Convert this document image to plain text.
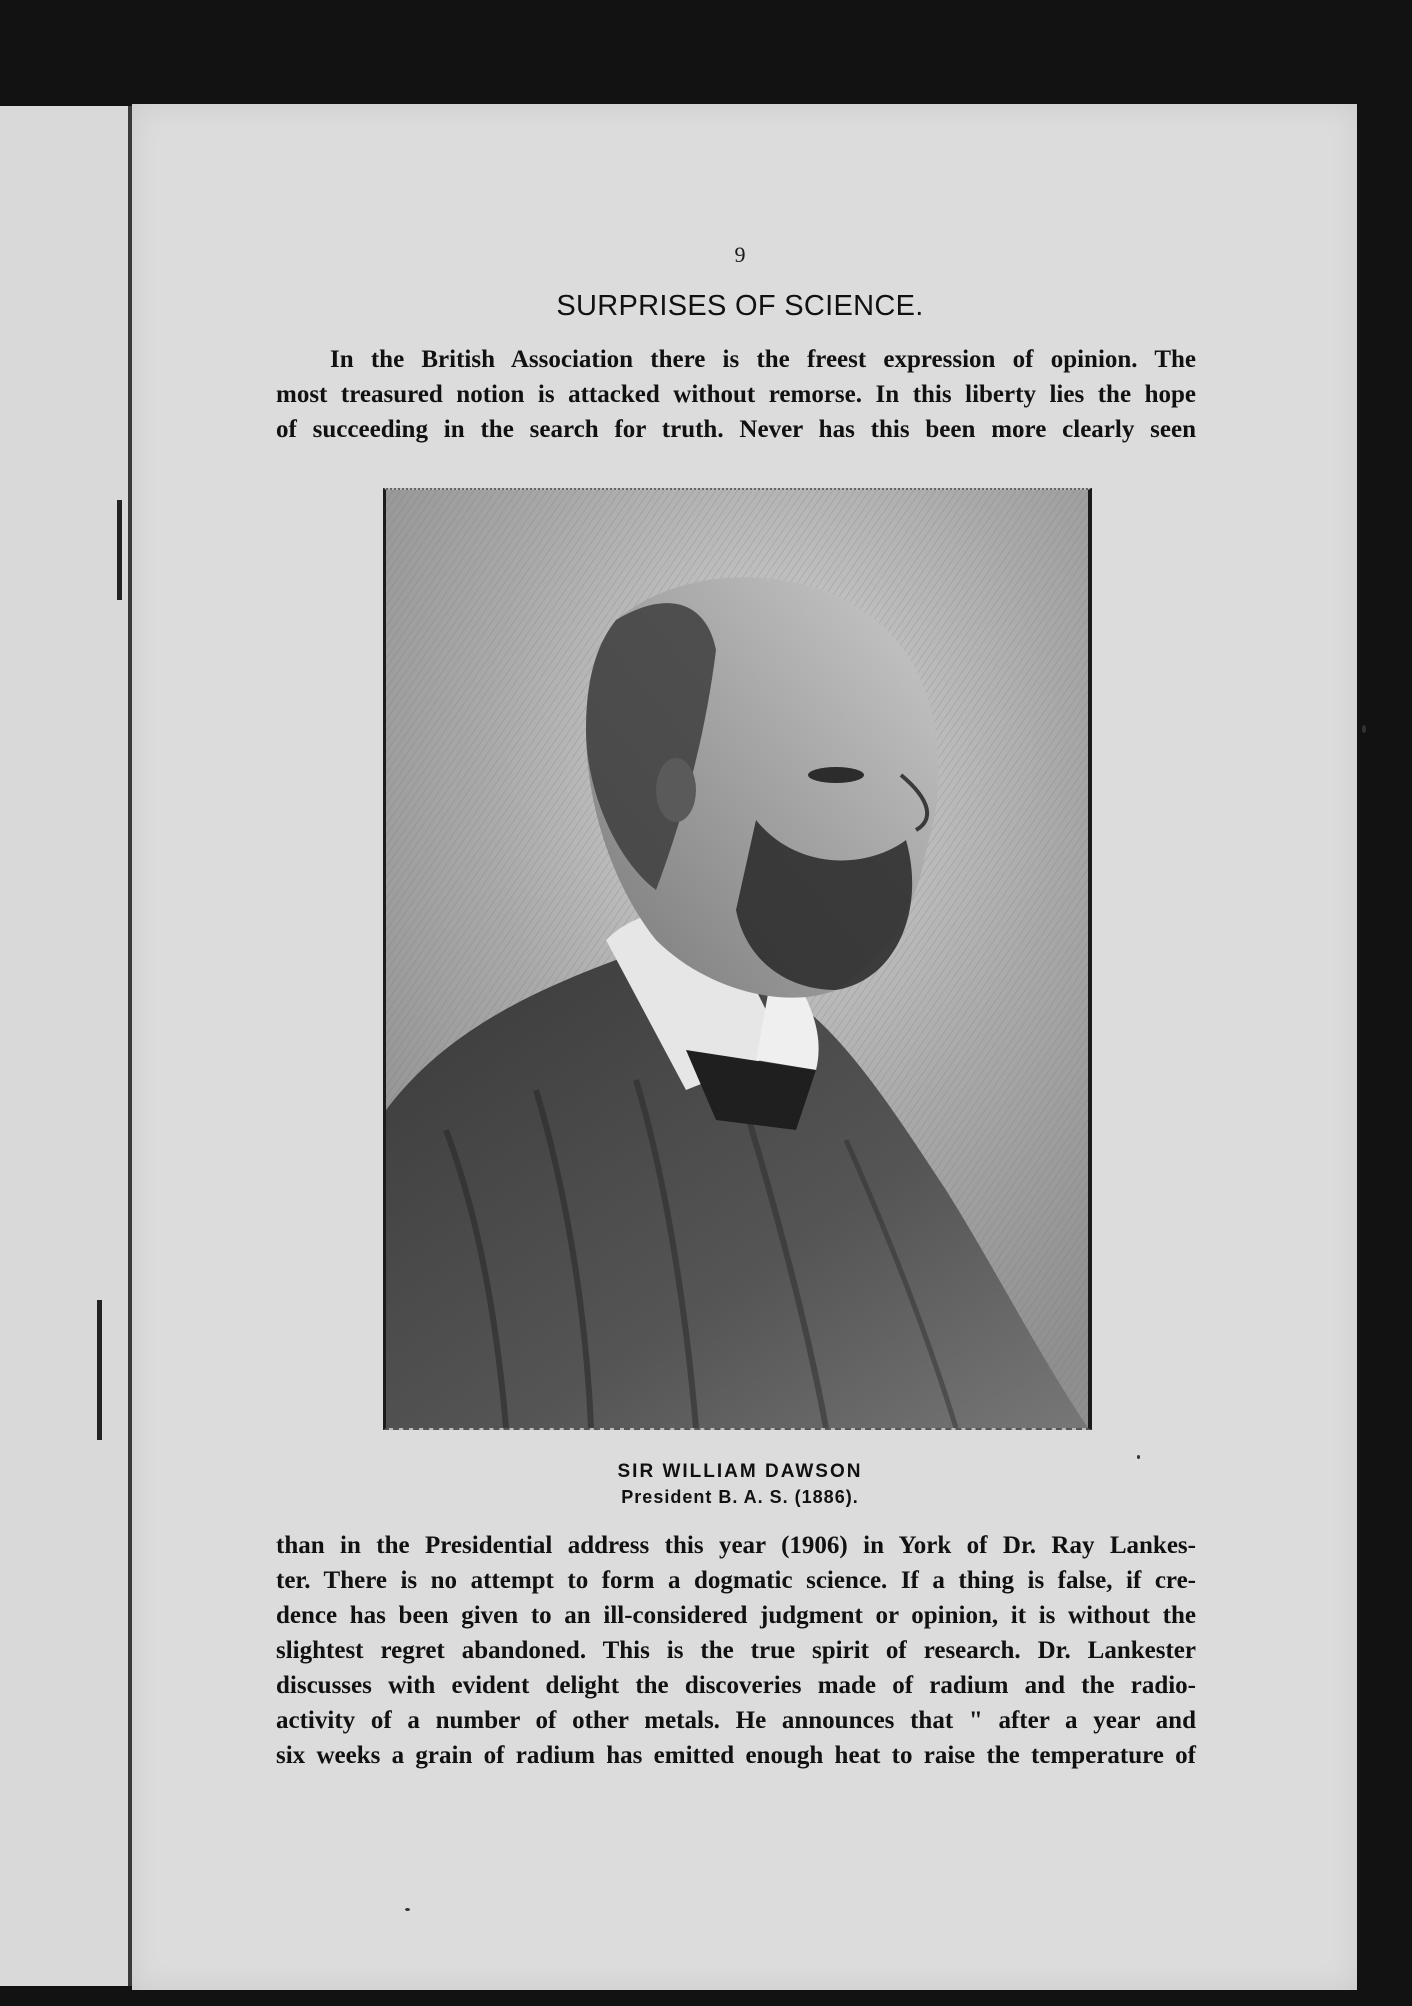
9
SURPRISES OF SCIENCE.
In the British Association there is the freest expression of opinion. The
most treasured notion is attacked without remorse. In this liberty lies the hope
of succeeding in the search for truth. Never has this been more clearly seen
SIR WILLIAM DAWSON
President B. A. S. (1886).
than in the Presidential address this year (1906) in York of Dr. Ray Lankes-
ter. There is no attempt to form a dogmatic science. If a thing is false, if cre-
dence has been given to an ill-considered judgment or opinion, it is without the
slightest regret abandoned. This is the true spirit of research. Dr. Lankester
discusses with evident delight the discoveries made of radium and the radio-
activity of a number of other metals. He announces that " after a year and
six weeks a grain of radium has emitted enough heat to raise the temperature of
